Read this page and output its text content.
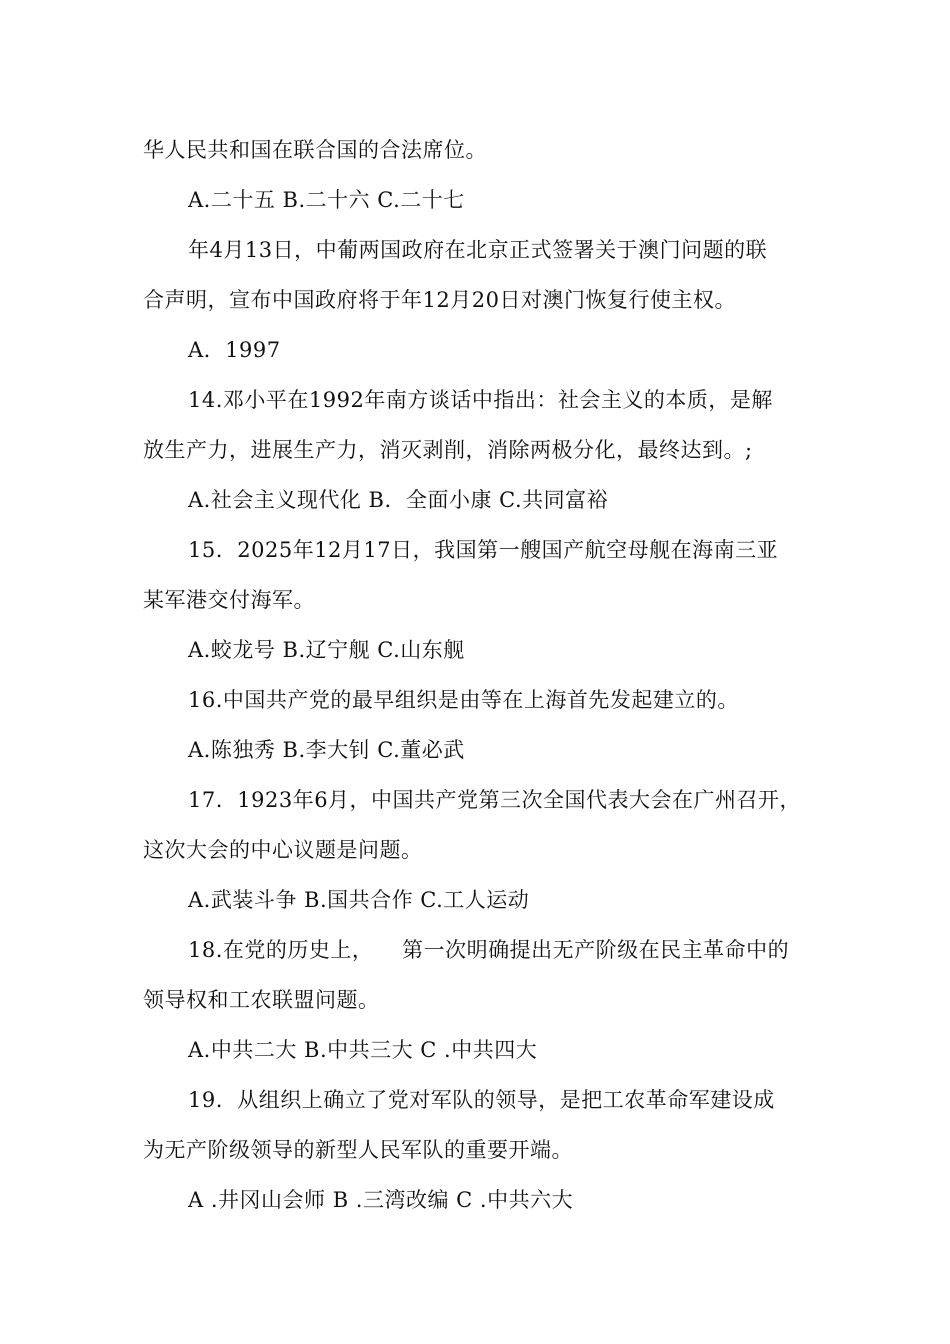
华人民共和国在联合国的合法席位。
A.二十五 B.二十六 C.二十七
年4月13日，中葡两国政府在北京正式签署关于澳门问题的联
合声明，宣布中国政府将于年12月20日对澳门恢复行使主权。
A.  1997
14.邓小平在1992年南方谈话中指出：社会主义的本质，是解
放生产力，进展生产力，消灭剥削，消除两极分化，最终达到。;
A.社会主义现代化 B.  全面小康 C.共同富裕
15.  2025年12月17日，我国第一艘国产航空母舰在海南三亚
某军港交付海军。
A.蛟龙号 B.辽宁舰 C.山东舰
16.中国共产党的最早组织是由等在上海首先发起建立的。
A.陈独秀 B.李大钊 C.董必武
17.  1923年6月，中国共产党第三次全国代表大会在广州召开，
这次大会的中心议题是问题。
A.武装斗争 B.国共合作 C.工人运动
18.在党的历史上，    第一次明确提出无产阶级在民主革命中的
领导权和工农联盟问题。
A.中共二大 B.中共三大 C .中共四大
19.  从组织上确立了党对军队的领导，是把工农革命军建设成
为无产阶级领导的新型人民军队的重要开端。
A .井冈山会师 B .三湾改编 C .中共六大
